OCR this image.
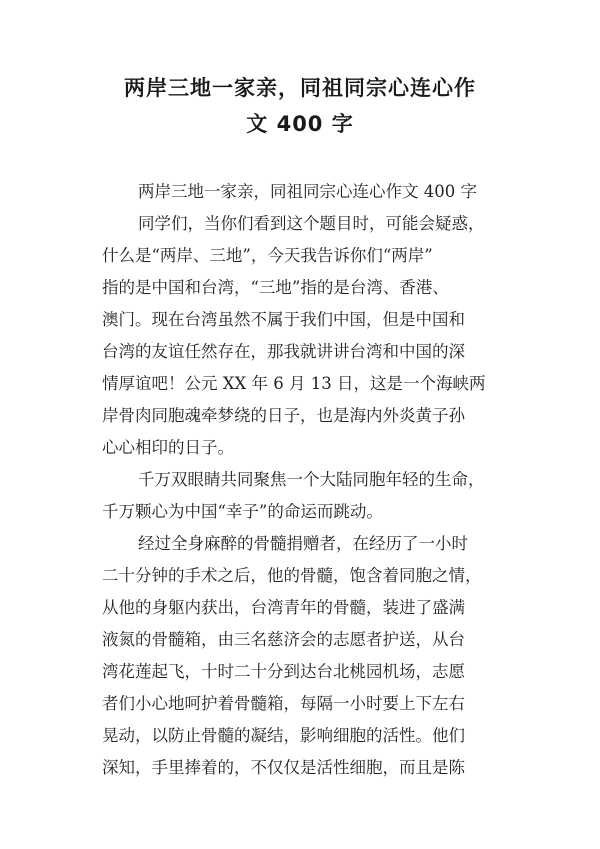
两岸三地一家亲，同祖同宗心连心作
文 400 字
两岸三地一家亲，同祖同宗心连心作文 400 字
同学们，当你们看到这个题目时，可能会疑惑，
什么是“两岸、三地”，今天我告诉你们“两岸”
指的是中国和台湾，“三地”指的是台湾、香港、
澳门。现在台湾虽然不属于我们中国，但是中国和
台湾的友谊任然存在，那我就讲讲台湾和中国的深
情厚谊吧！公元 XX 年 6 月 13 日，这是一个海峡两
岸骨肉同胞魂牵梦绕的日子，也是海内外炎黄子孙
心心相印的日子。
千万双眼睛共同聚焦一个大陆同胞年轻的生命，
千万颗心为中国“幸子”的命运而跳动。
经过全身麻醉的骨髓捐赠者，在经历了一小时
二十分钟的手术之后，他的骨髓，饱含着同胞之情，
从他的身躯内获出，台湾青年的骨髓，装进了盛满
液氮的骨髓箱，由三名慈济会的志愿者护送，从台
湾花莲起飞，十时二十分到达台北桃园机场，志愿
者们小心地呵护着骨髓箱，每隔一小时要上下左右
晃动，以防止骨髓的凝结，影响细胞的活性。他们
深知，手里捧着的，不仅仅是活性细胞，而且是陈
